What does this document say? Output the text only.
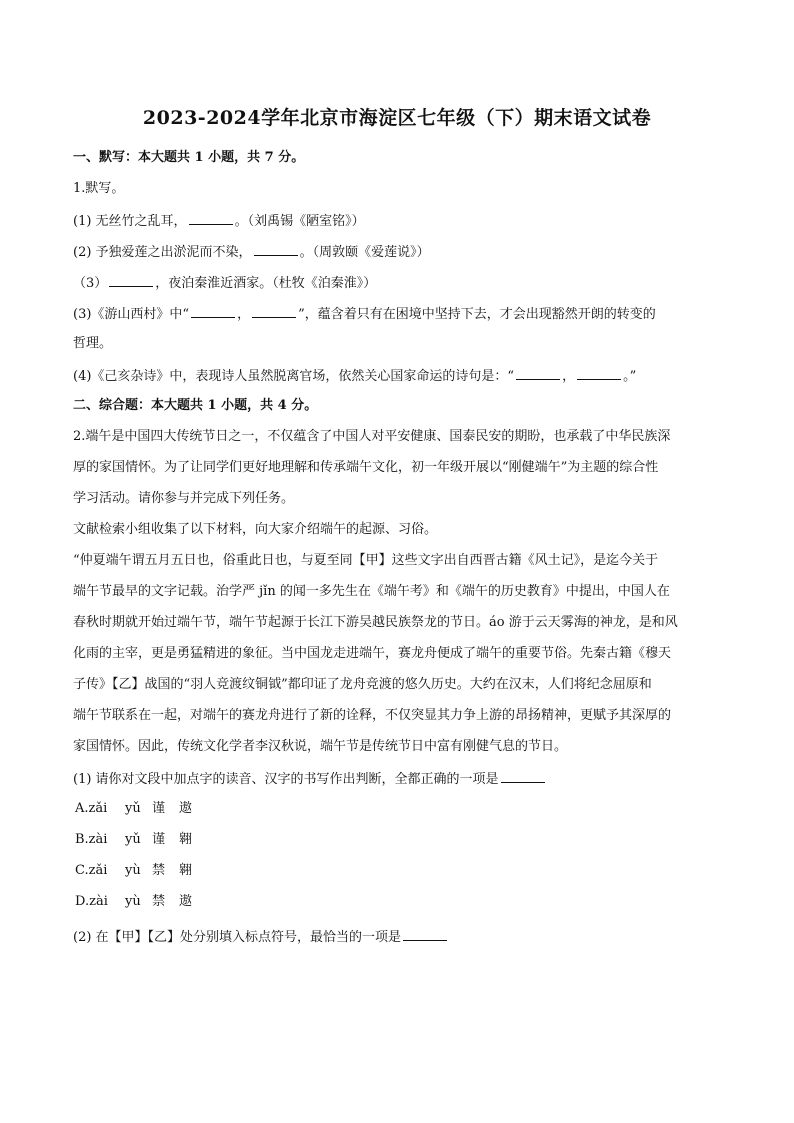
2023-2024学年北京市海淀区七年级（下）期末语文试卷
一、默写：本大题共 1 小题，共 7 分。
1.默写。
(1) 无丝竹之乱耳，	。（刘禹锡《陋室铭》）
(2) 予独爱莲之出淤泥而不染，	。（周敦颐《爱莲说》）
（3）	，夜泊秦淮近酒家。（杜牧《泊秦淮》）
(3)《游山西村》中“	，	”，蕴含着只有在困境中坚持下去，才会出现豁然开朗的转变的
哲理。
(4)《己亥杂诗》中，表现诗人虽然脱离官场，依然关心国家命运的诗句是：“	，	。”
二、综合题：本大题共 1 小题，共 4 分。
2.端午是中国四大传统节日之一，不仅蕴含了中国人对平安健康、国泰民安的期盼，也承载了中华民族深
厚的家国情怀。为了让同学们更好地理解和传承端午文化，初一年级开展以“刚健端午”为主题的综合性
学习活动。请你参与并完成下列任务。
文献检索小组收集了以下材料，向大家介绍端午的起源、习俗。
“仲夏端午谓五月五日也，俗重此日也，与夏至同【甲】这些文字出自西晋古籍《风土记》，是迄今关于
端午节最早的文字记载。治学严 jǐn 的闻一多先生在《端午考》和《端午的历史教育》中提出，中国人在
春秋时期就开始过端午节，端午节起源于长江下游吴越民族祭龙的节日。áo 游于云天雾海的神龙，是和风
化雨的主宰，更是勇猛精进的象征。当中国龙走进端午，赛龙舟便成了端午的重要节俗。先秦古籍《穆天
子传》【乙】战国的“羽人竞渡纹铜钺”都印证了龙舟竞渡的悠久历史。大约在汉末，人们将纪念屈原和
端午节联系在一起，对端午的赛龙舟进行了新的诠释，不仅突显其力争上游的昂扬精神，更赋予其深厚的
家国情怀。因此，传统文化学者李汉秋说，端午节是传统节日中富有刚健气息的节日。
(1) 请你对文段中加点字的读音、汉字的书写作出判断，全都正确的一项是
A.zǎi yǔ 谨 遨
B.zài yǔ 谨 翱
C.zǎi yù 禁 翱
D.zài yù 禁 遨
(2) 在【甲】【乙】处分别填入标点符号，最恰当的一项是
